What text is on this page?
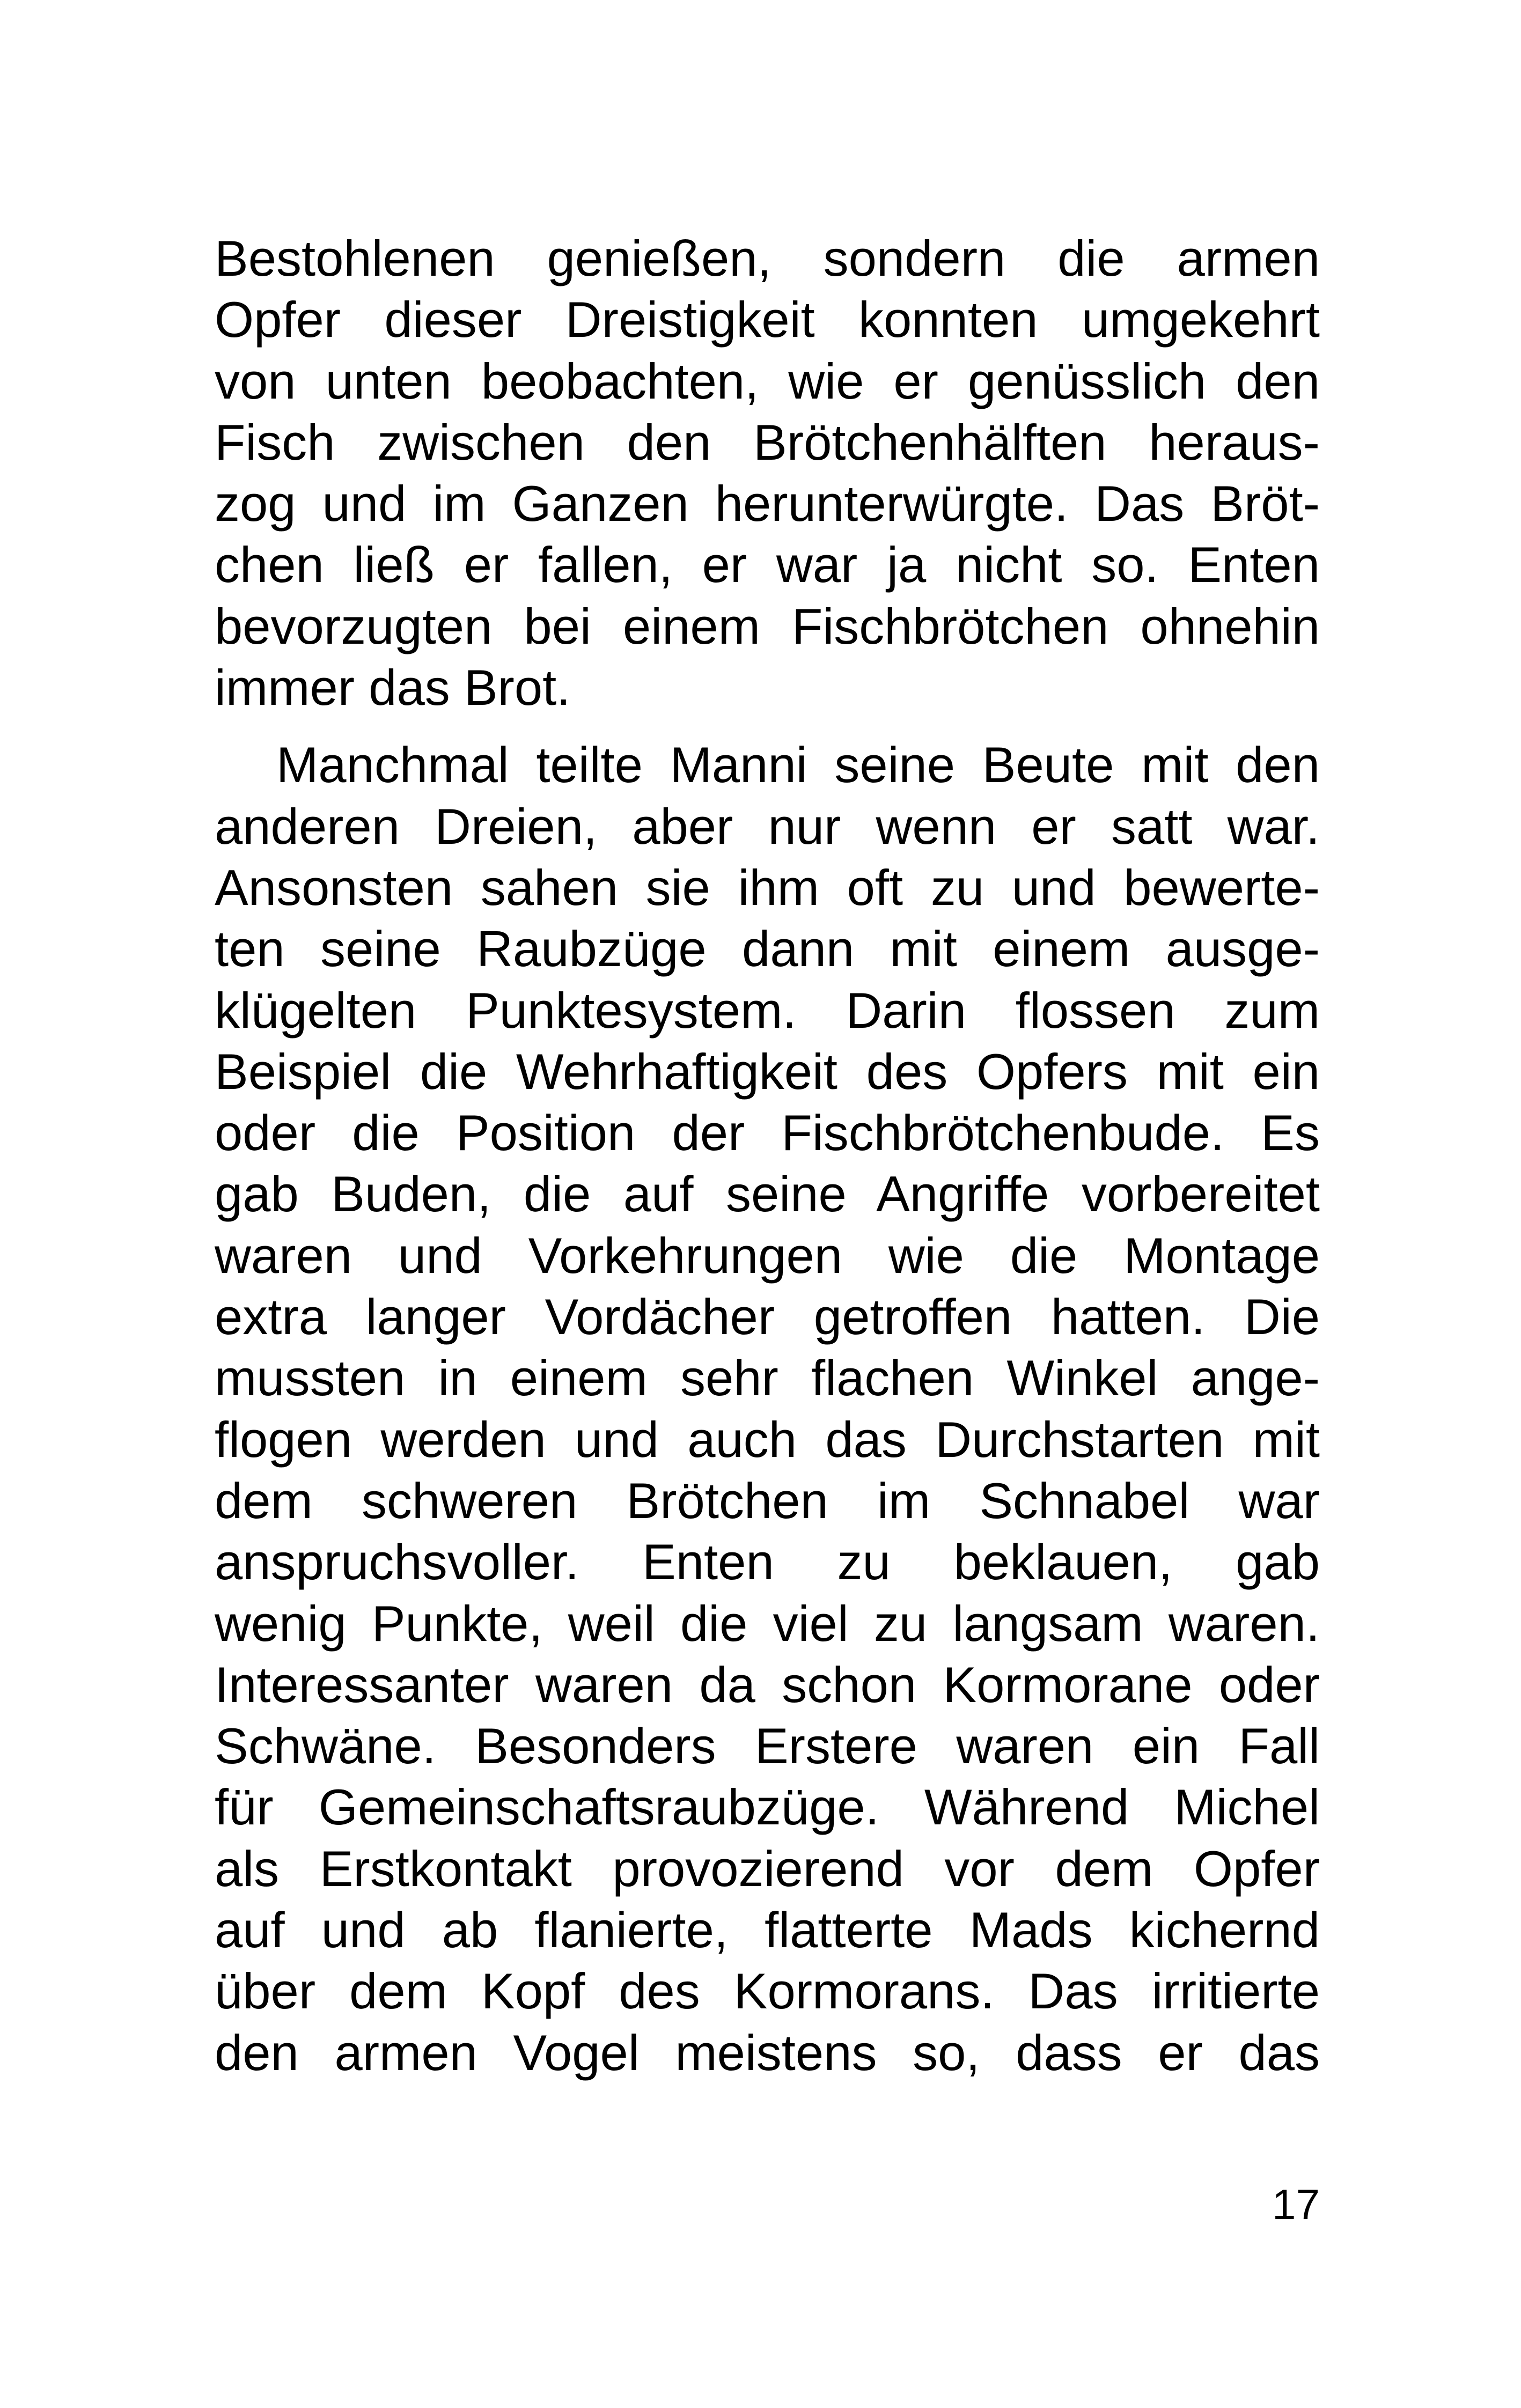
Bestohlenen genießen, sondern die armen
Opfer dieser Dreistigkeit konnten umgekehrt
von unten beobachten, wie er genüsslich den
Fisch zwischen den Brötchenhälften heraus-
zog und im Ganzen herunterwürgte. Das Bröt-
chen ließ er fallen, er war ja nicht so. Enten
bevorzugten bei einem Fischbrötchen ohnehin
immer das Brot.
Manchmal teilte Manni seine Beute mit den
anderen Dreien, aber nur wenn er satt war.
Ansonsten sahen sie ihm oft zu und bewerte-
ten seine Raubzüge dann mit einem ausge-
klügelten Punktesystem. Darin flossen zum
Beispiel die Wehrhaftigkeit des Opfers mit ein
oder die Position der Fischbrötchenbude. Es
gab Buden, die auf seine Angriffe vorbereitet
waren und Vorkehrungen wie die Montage
extra langer Vordächer getroffen hatten. Die
mussten in einem sehr flachen Winkel ange-
flogen werden und auch das Durchstarten mit
dem schweren Brötchen im Schnabel war
anspruchsvoller. Enten zu beklauen, gab
wenig Punkte, weil die viel zu langsam waren.
Interessanter waren da schon Kormorane oder
Schwäne. Besonders Erstere waren ein Fall
für Gemeinschaftsraubzüge. Während Michel
als Erstkontakt provozierend vor dem Opfer
auf und ab flanierte, flatterte Mads kichernd
über dem Kopf des Kormorans. Das irritierte
den armen Vogel meistens so, dass er das
17
